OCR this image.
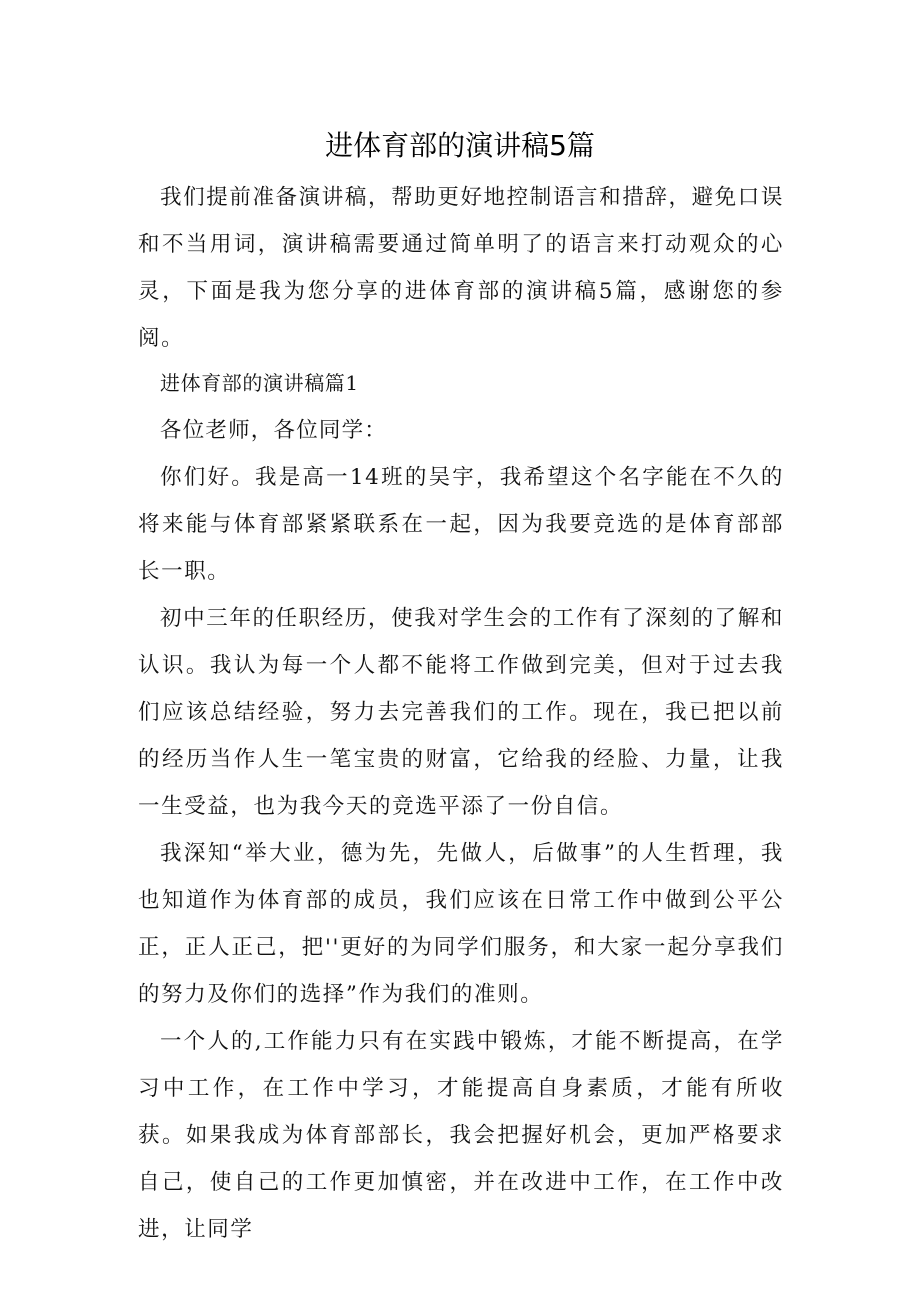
进体育部的演讲稿5篇

我们提前准备演讲稿，帮助更好地控制语言和措辞，避免口误和不当用词，演讲稿需要通过简单明了的语言来打动观众的心灵，下面是我为您分享的进体育部的演讲稿5篇，感谢您的参阅。

进体育部的演讲稿篇1

各位老师，各位同学：

你们好。我是高一14班的吴宇，我希望这个名字能在不久的将来能与体育部紧紧联系在一起，因为我要竞选的是体育部部长一职。

初中三年的任职经历，使我对学生会的工作有了深刻的了解和认识。我认为每一个人都不能将工作做到完美，但对于过去我们应该总结经验，努力去完善我们的工作。现在，我已把以前的经历当作人生一笔宝贵的财富，它给我的经脸、力量，让我一生受益，也为我今天的竞选平添了一份自信。

我深知“举大业，德为先，先做人，后做事”的人生哲理，我也知道作为体育部的成员，我们应该在日常工作中做到公平公正，正人正己，把''更好的为同学们服务，和大家一起分享我们的努力及你们的选择”作为我们的准则。

一个人的,工作能力只有在实践中锻炼，才能不断提高，在学习中工作，在工作中学习，才能提高自身素质，才能有所收获。如果我成为体育部部长，我会把握好机会，更加严格要求自己，使自己的工作更加慎密，并在改进中工作，在工作中改进，让同学
